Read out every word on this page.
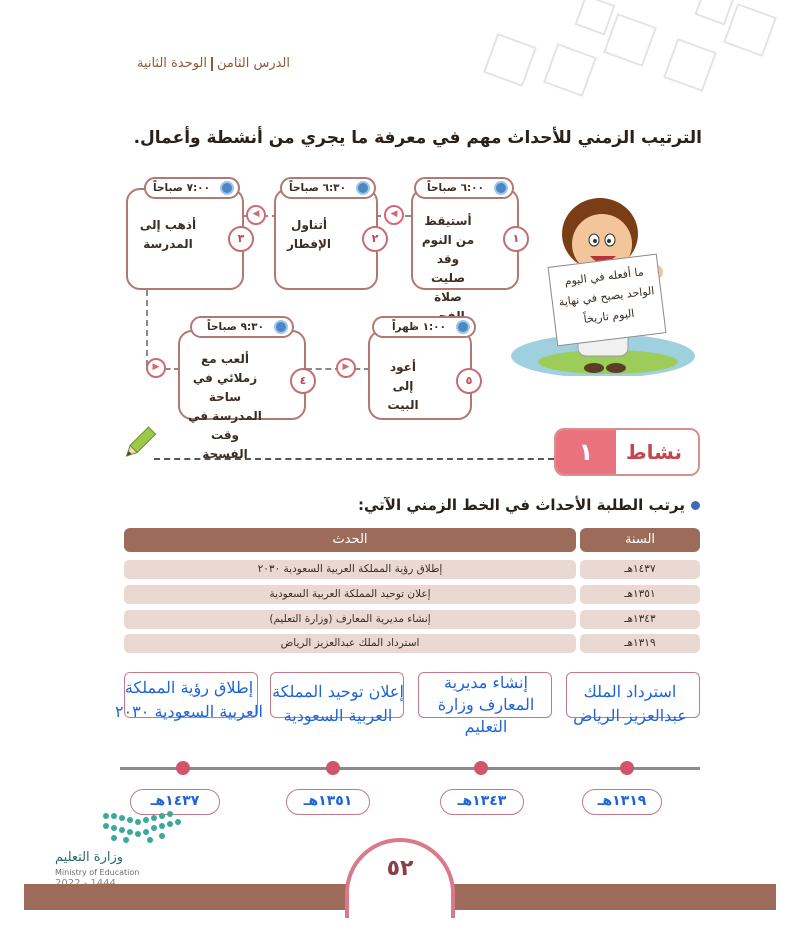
الدرس الثامنالوحدة الثانية
الترتيب الزمني للأحداث مهم في معرفة ما يجري من أنشطة وأعمال.
◀
◀
▶	▶
أستيقظ من النوم وقد صليت صلاة
١
٦:٠٠ صباحاً
أتناول الإفطار	٢
٦:٣٠ صباحاً
أذهب إلى المدرسة	٣
٧:٠٠ صباحاً
ألعب مع زملائي في ساحة المدرسة في وقت الفسحة
٤
٩:٣٠ صباحاً
أعود إلى البيت
٥
١:٠٠ ظهراً
ما أفعله في اليوم الواحد يصبح في نهاية اليوم تاريخاً
١	نشاط
يرتب الطلبة الأحداث في الخط الزمني الآتي:
السنة
الحدث
١٤٣٧هـ
إطلاق رؤية المملكة العربية السعودية ٢٠٣٠
١٣٥١هـ
إعلان توحيد المملكة العربية السعودية
١٣٤٣هـ
إنشاء مديرية المعارف (وزارة التعليم)
١٣١٩هـ
استرداد الملك عبدالعزيز الرياض
إطلاق رؤية المملكة العربية السعودية ٢٠٣٠
إعلان توحيد المملكة العربية السعودية
إنشاء مديرية المعارف وزارة التعليم
استرداد الملك عبدالعزيز الرياض
١٤٣٧هـ	١٣٥١هـ	١٣٤٣هـ	١٣١٩هـ
وزارة التعليم
Ministry of Education	٥٢
